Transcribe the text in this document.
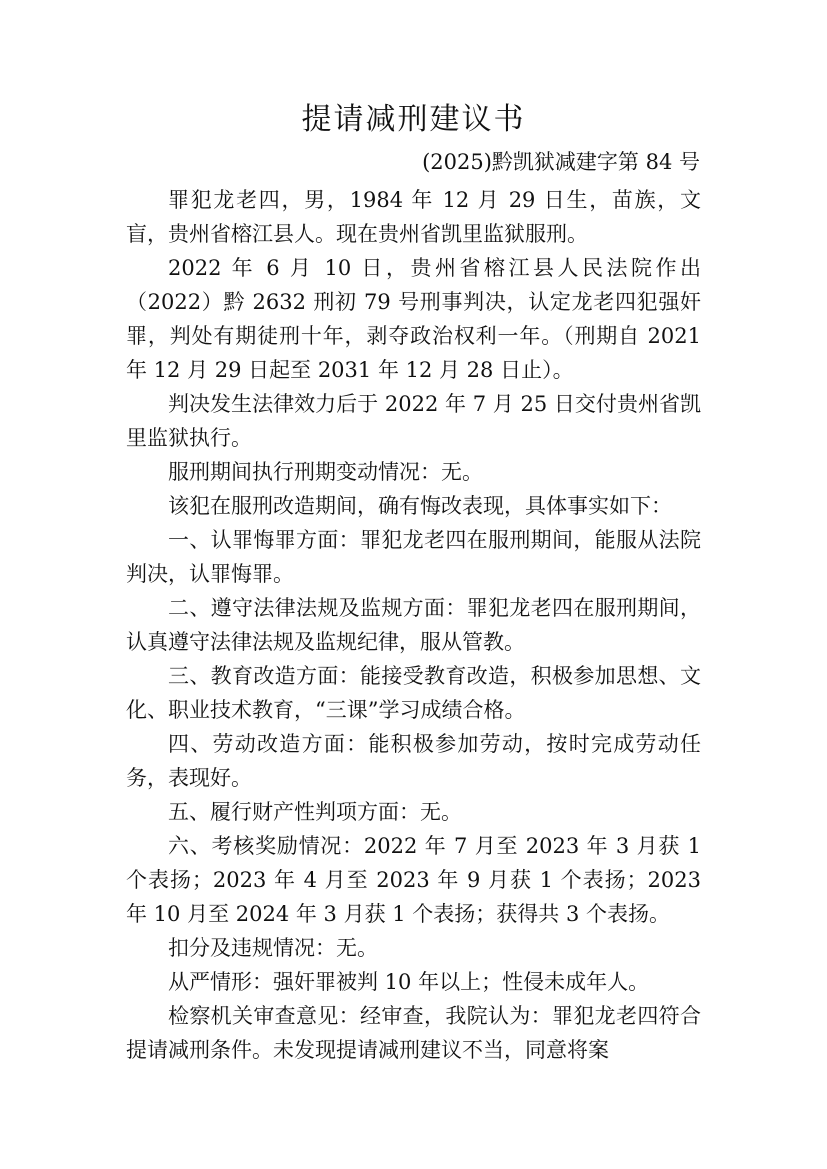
提请减刑建议书
(2025)黔凯狱减建字第 84 号

罪犯龙老四，男，1984 年 12 月 29 日生，苗族，文盲，贵州省榕江县人。现在贵州省凯里监狱服刑。

2022 年 6 月 10 日，贵州省榕江县人民法院作出（2022）黔 2632 刑初 79 号刑事判决，认定龙老四犯强奸罪，判处有期徒刑十年，剥夺政治权利一年。（刑期自 2021 年 12 月 29 日起至 2031 年 12 月 28 日止）。

判决发生法律效力后于 2022 年 7 月 25 日交付贵州省凯里监狱执行。

服刑期间执行刑期变动情况：无。

该犯在服刑改造期间，确有悔改表现，具体事实如下：

一、认罪悔罪方面：罪犯龙老四在服刑期间，能服从法院判决，认罪悔罪。

二、遵守法律法规及监规方面：罪犯龙老四在服刑期间，认真遵守法律法规及监规纪律，服从管教。

三、教育改造方面：能接受教育改造，积极参加思想、文化、职业技术教育，“三课”学习成绩合格。

四、劳动改造方面：能积极参加劳动，按时完成劳动任务，表现好。

五、履行财产性判项方面：无。

六、考核奖励情况：2022 年 7 月至 2023 年 3 月获 1 个表扬；2023 年 4 月至 2023 年 9 月获 1 个表扬；2023 年 10 月至 2024 年 3 月获 1 个表扬；获得共 3 个表扬。

扣分及违规情况：无。

从严情形：强奸罪被判 10 年以上；性侵未成年人。

检察机关审查意见：经审查，我院认为：罪犯龙老四符合提请减刑条件。未发现提请减刑建议不当，同意将案
